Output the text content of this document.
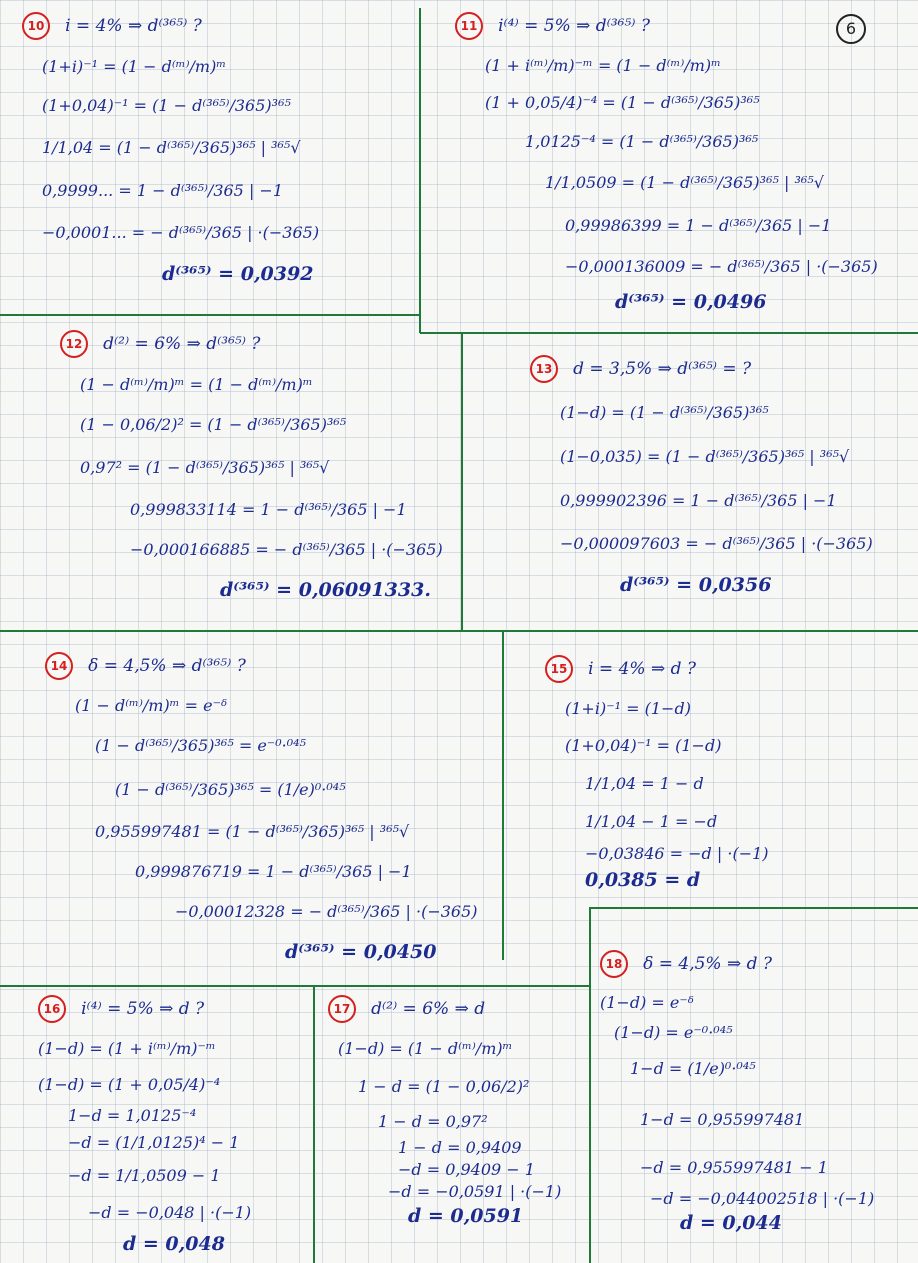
6
10 i = 4% ⇒ d⁽³⁶⁵⁾ ?
(1+i)⁻¹ = (1 − d⁽ᵐ⁾/m)ᵐ
(1+0,04)⁻¹ = (1 − d⁽³⁶⁵⁾/365)³⁶⁵
1/1,04 = (1 − d⁽³⁶⁵⁾/365)³⁶⁵ | ³⁶⁵√
0,9999... = 1 − d⁽³⁶⁵⁾/365 | −1
−0,0001... = − d⁽³⁶⁵⁾/365 | ·(−365)
d⁽³⁶⁵⁾ = 0,0392
11 i⁽⁴⁾ = 5% ⇒ d⁽³⁶⁵⁾ ?
(1 + i⁽ᵐ⁾/m)⁻ᵐ = (1 − d⁽ᵐ⁾/m)ᵐ
(1 + 0,05/4)⁻⁴ = (1 − d⁽³⁶⁵⁾/365)³⁶⁵
1,0125⁻⁴ = (1 − d⁽³⁶⁵⁾/365)³⁶⁵
1/1,0509 = (1 − d⁽³⁶⁵⁾/365)³⁶⁵ | ³⁶⁵√
0,99986399 = 1 − d⁽³⁶⁵⁾/365 | −1
−0,000136009 = − d⁽³⁶⁵⁾/365 | ·(−365)
d⁽³⁶⁵⁾ = 0,0496
12 d⁽²⁾ = 6% ⇒ d⁽³⁶⁵⁾ ?
(1 − d⁽ᵐ⁾/m)ᵐ = (1 − d⁽ᵐ⁾/m)ᵐ
(1 − 0,06/2)² = (1 − d⁽³⁶⁵⁾/365)³⁶⁵
0,97² = (1 − d⁽³⁶⁵⁾/365)³⁶⁵ | ³⁶⁵√
0,999833114 = 1 − d⁽³⁶⁵⁾/365 | −1
−0,000166885 = − d⁽³⁶⁵⁾/365 | ·(−365)
d⁽³⁶⁵⁾ = 0,06091333.
13 d = 3,5% ⇒ d⁽³⁶⁵⁾ = ?
(1−d) = (1 − d⁽³⁶⁵⁾/365)³⁶⁵
(1−0,035) = (1 − d⁽³⁶⁵⁾/365)³⁶⁵ | ³⁶⁵√
0,999902396 = 1 − d⁽³⁶⁵⁾/365 | −1
−0,000097603 = − d⁽³⁶⁵⁾/365 | ·(−365)
d⁽³⁶⁵⁾ = 0,0356
14 δ = 4,5% ⇒ d⁽³⁶⁵⁾ ?
(1 − d⁽ᵐ⁾/m)ᵐ = e⁻ᵟ
(1 − d⁽³⁶⁵⁾/365)³⁶⁵ = e⁻⁰·⁰⁴⁵
(1 − d⁽³⁶⁵⁾/365)³⁶⁵ = (1/e)⁰·⁰⁴⁵
0,955997481 = (1 − d⁽³⁶⁵⁾/365)³⁶⁵ | ³⁶⁵√
0,999876719 = 1 − d⁽³⁶⁵⁾/365 | −1
−0,00012328 = − d⁽³⁶⁵⁾/365 | ·(−365)
d⁽³⁶⁵⁾ = 0,0450
15 i = 4% ⇒ d ?
(1+i)⁻¹ = (1−d)
(1+0,04)⁻¹ = (1−d)
1/1,04 = 1 − d
1/1,04 − 1 = −d
−0,03846 = −d | ·(−1)
0,0385 = d
16 i⁽⁴⁾ = 5% ⇒ d ?
(1−d) = (1 + i⁽ᵐ⁾/m)⁻ᵐ
(1−d) = (1 + 0,05/4)⁻⁴
1−d = 1,0125⁻⁴
−d = (1/1,0125)⁴ − 1
−d = 1/1,0509 − 1
−d = −0,048 | ·(−1)
d = 0,048
17 d⁽²⁾ = 6% ⇒ d
(1−d) = (1 − d⁽ᵐ⁾/m)ᵐ
1 − d = (1 − 0,06/2)²
1 − d = 0,97²
1 − d = 0,9409
−d = 0,9409 − 1
−d = −0,0591 | ·(−1)
d = 0,0591
18 δ = 4,5% ⇒ d ?
(1−d) = e⁻ᵟ
(1−d) = e⁻⁰·⁰⁴⁵
1−d = (1/e)⁰·⁰⁴⁵
1−d = 0,955997481
−d = 0,955997481 − 1
−d = −0,044002518 | ·(−1)
d = 0,044
